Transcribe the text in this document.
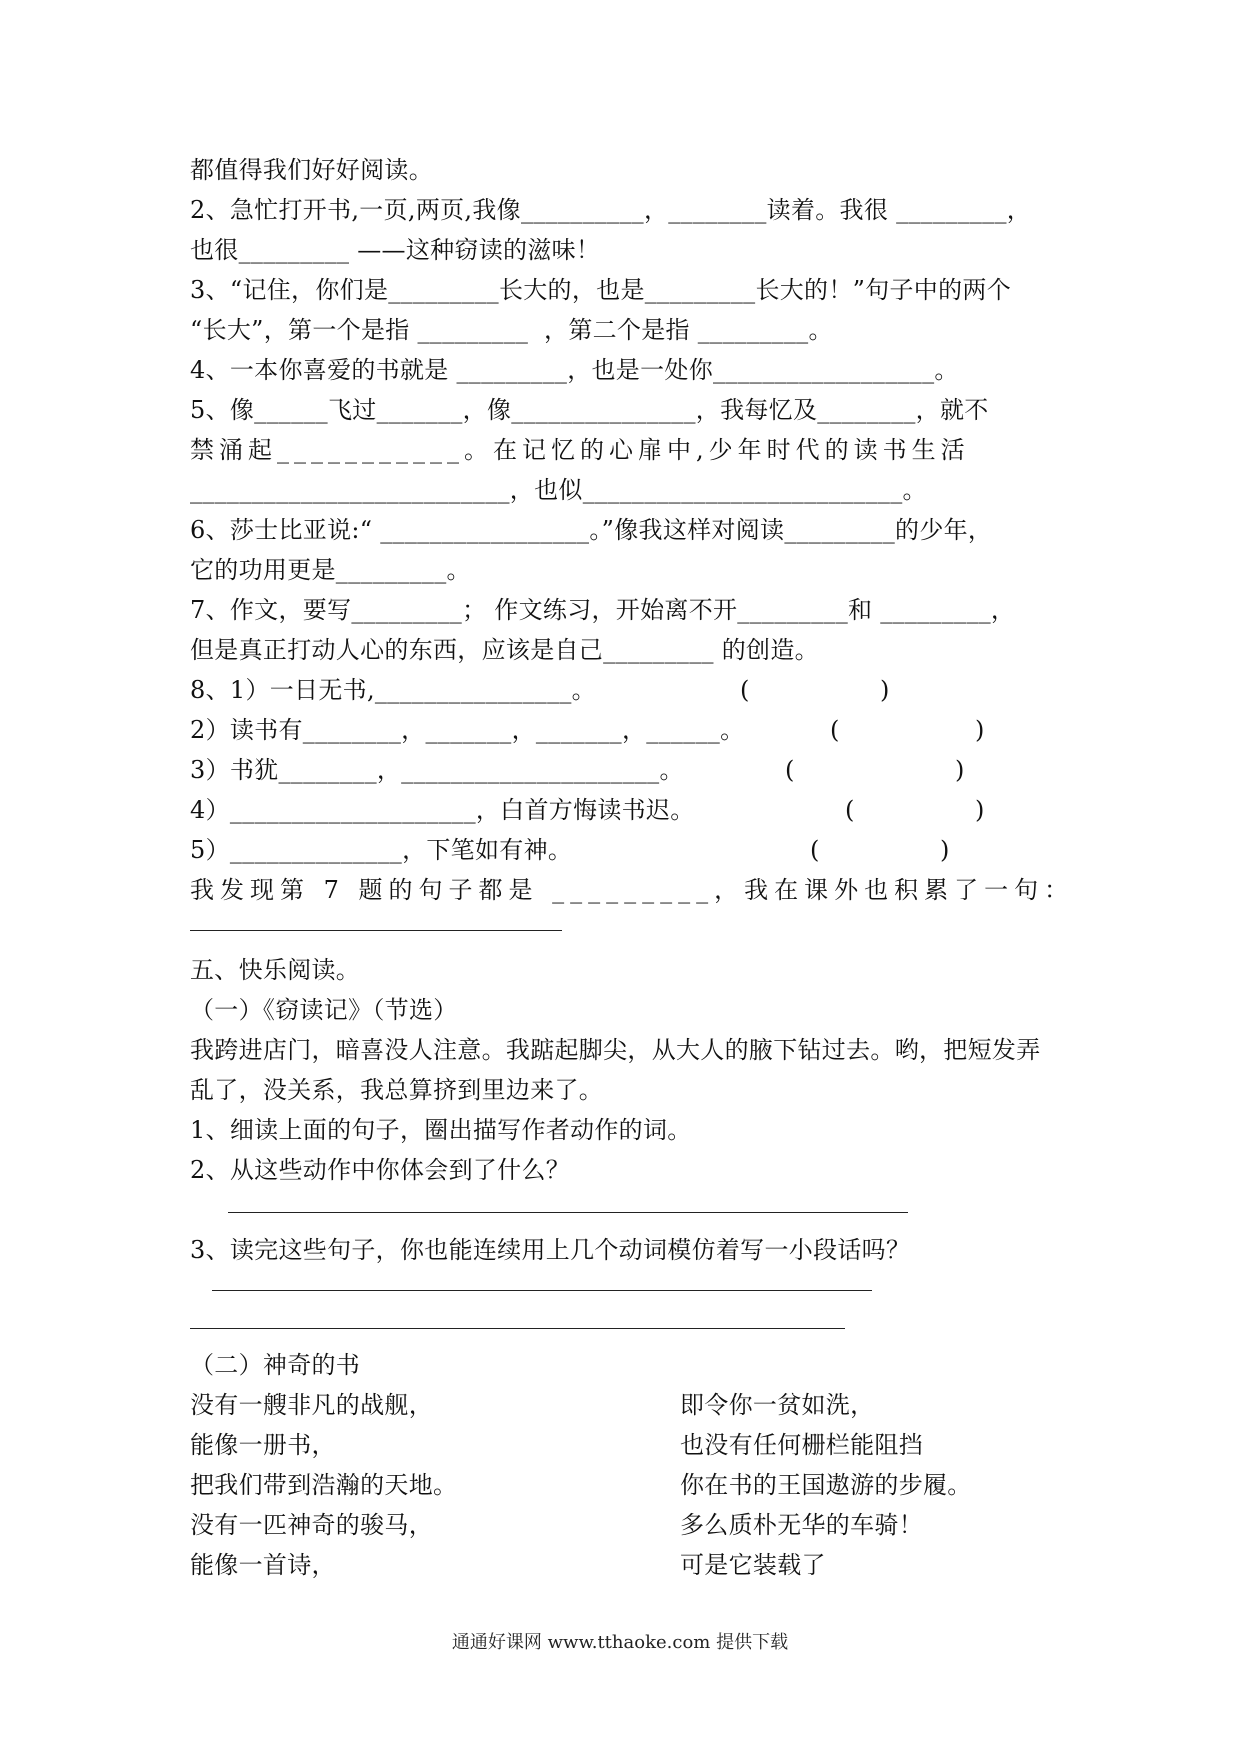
都值得我们好好阅读。
2、急忙打开书,一页,两页,我像__________，________读着。我很 _________，
也很_________ ——这种窃读的滋味！
3、“记住，你们是_________长大的，也是_________长大的！”句子中的两个
“长大”，第一个是指 _________  ，第二个是指 _________。
4、一本你喜爱的书就是 _________，也是一处你__________________。
5、像______飞过_______，像_______________，我每忆及________，就不
禁涌起___________。在记忆的心扉中,少年时代的读书生活
__________________________，也似__________________________。
6、莎士比亚说:“ _________________。”像我这样对阅读_________的少年，
它的功用更是_________。
7、作文，要写_________； 作文练习，开始离不开_________和 _________，
但是真正打动人心的东西，应该是自己_________ 的创造。
8、1）一日无书,________________。	(	)
2）读书有________，_______，_______，______。	(	)
3）书犹________，_____________________。	(	)
4）____________________，白首方悔读书迟。	(	)
5）______________，下笔如有神。	(	)
我发现第 7 题的句子都是 _________，我在课外也积累了一句：
五、快乐阅读。
（一）《窃读记》（节选）
我跨进店门，暗喜没人注意。我踮起脚尖，从大人的腋下钻过去。哟，把短发弄
乱了，没关系，我总算挤到里边来了。
1、细读上面的句子，圈出描写作者动作的词。
2、从这些动作中你体会到了什么？
3、读完这些句子，你也能连续用上几个动词模仿着写一小段话吗？
（二）神奇的书
没有一艘非凡的战舰，	即令你一贫如洗，
能像一册书，	也没有任何栅栏能阻挡
把我们带到浩瀚的天地。	你在书的王国遨游的步履。
没有一匹神奇的骏马，	多么质朴无华的车骑！
能像一首诗，	可是它装载了
通通好课网 www.tthaoke.com 提供下载
